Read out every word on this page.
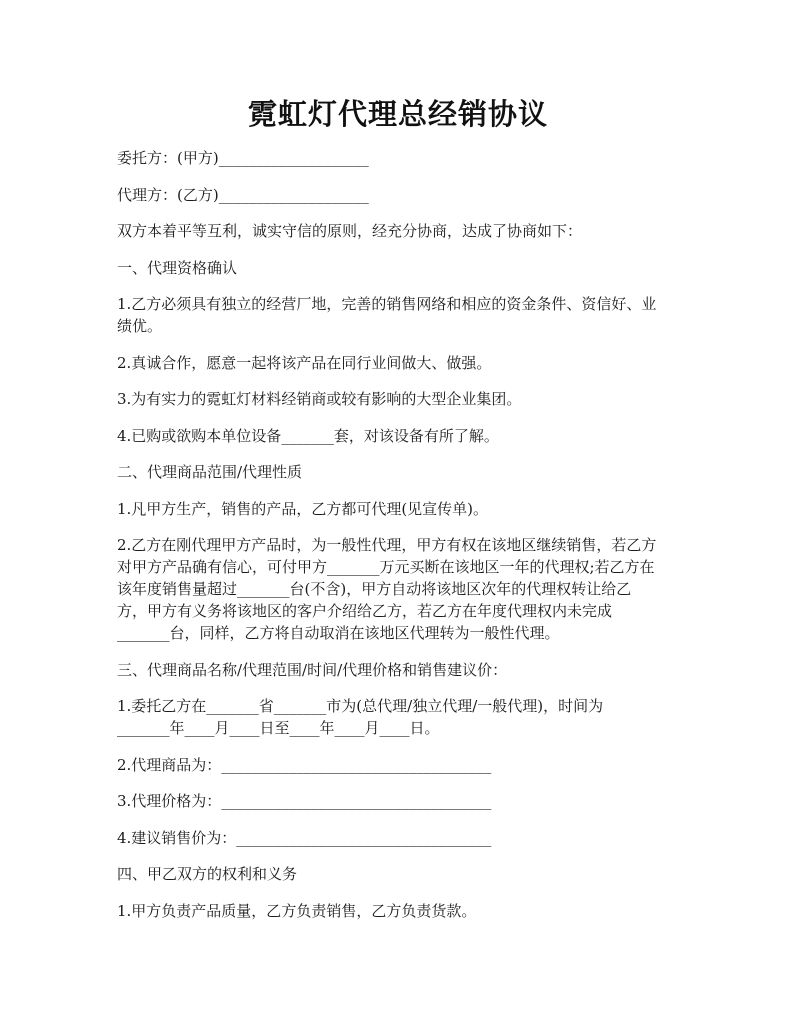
霓虹灯代理总经销协议
委托方：(甲方)____________________
代理方：(乙方)____________________
双方本着平等互利，诚实守信的原则，经充分协商，达成了协商如下：
一、代理资格确认
1.乙方必须具有独立的经营厂地，完善的销售网络和相应的资金条件、资信好、业
绩优。
2.真诚合作，愿意一起将该产品在同行业间做大、做强。
3.为有实力的霓虹灯材料经销商或较有影响的大型企业集团。
4.已购或欲购本单位设备_______套，对该设备有所了解。
二、代理商品范围/代理性质
1.凡甲方生产，销售的产品，乙方都可代理(见宣传单)。
2.乙方在刚代理甲方产品时，为一般性代理，甲方有权在该地区继续销售，若乙方
对甲方产品确有信心，可付甲方_______万元买断在该地区一年的代理权;若乙方在
该年度销售量超过_______台(不含)，甲方自动将该地区次年的代理权转让给乙
方，甲方有义务将该地区的客户介绍给乙方，若乙方在年度代理权内未完成
_______台，同样，乙方将自动取消在该地区代理转为一般性代理。
三、代理商品名称/代理范围/时间/代理价格和销售建议价：
1.委托乙方在_______省_______市为(总代理/独立代理/一般代理)，时间为
_______年____月____日至____年____月____日。
2.代理商品为：____________________________________
3.代理价格为：____________________________________
4.建议销售价为：__________________________________
四、甲乙双方的权利和义务
1.甲方负责产品质量，乙方负责销售，乙方负责货款。
